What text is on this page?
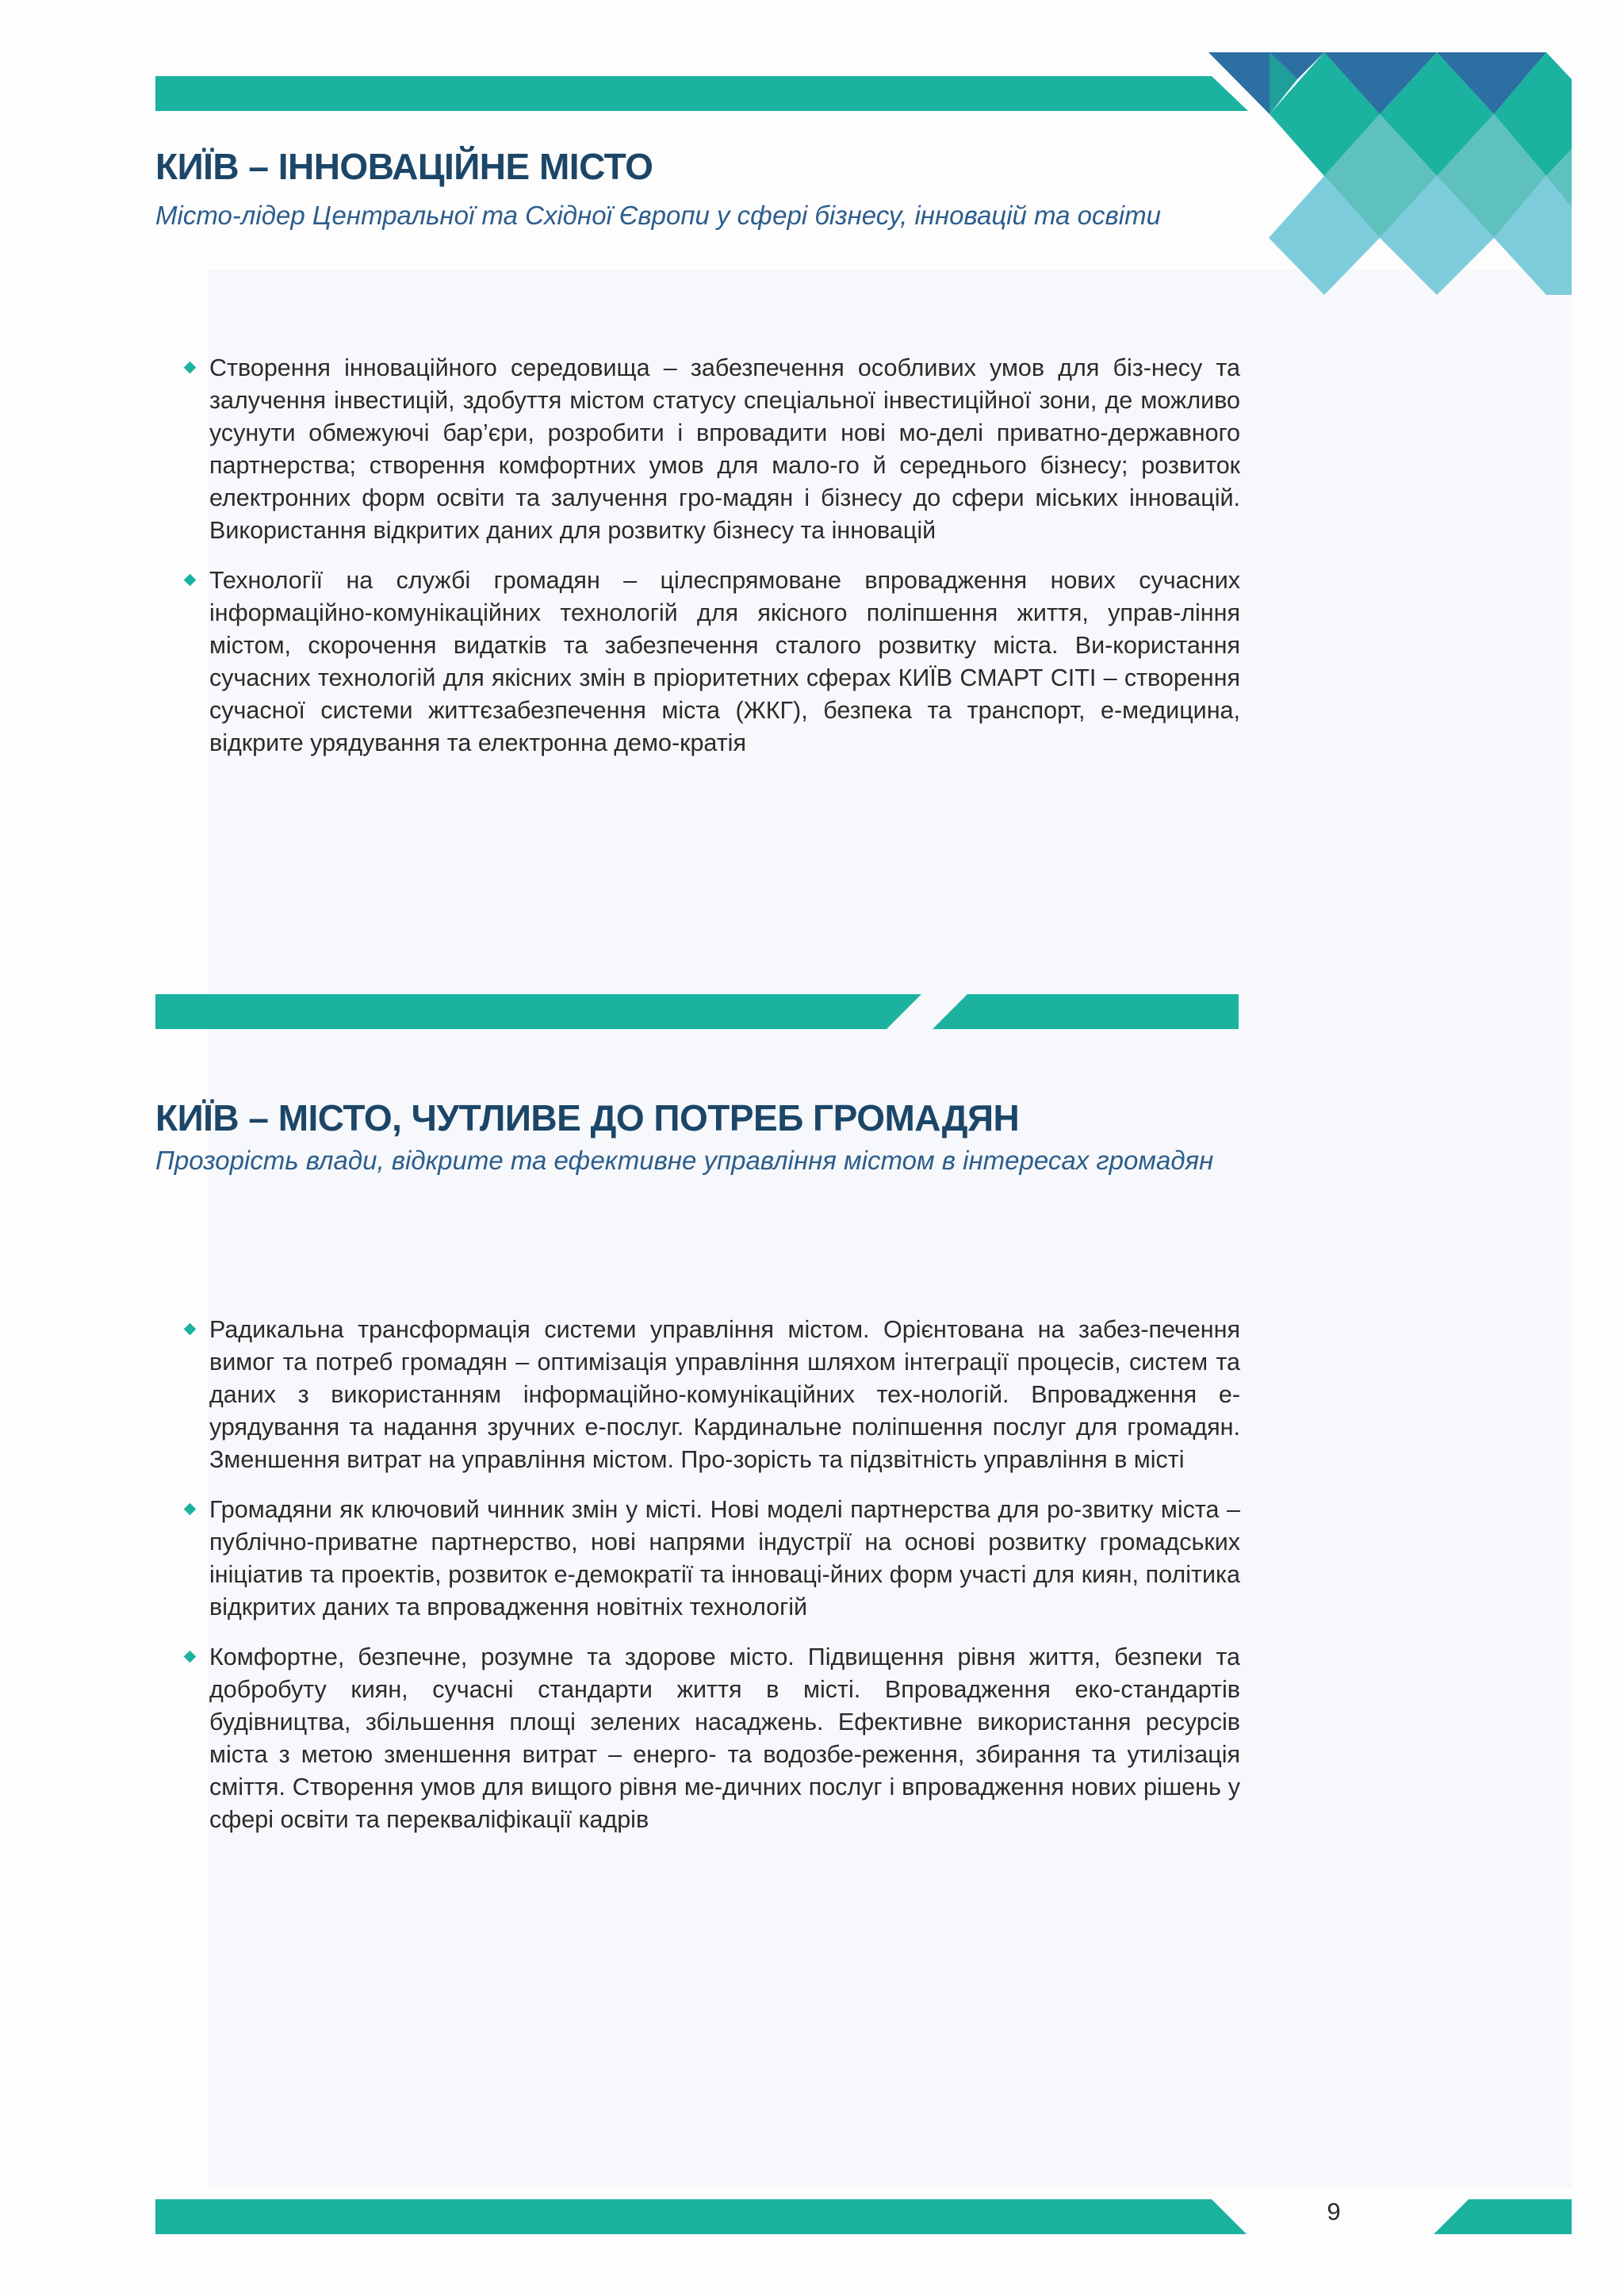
КИЇВ – ІННОВАЦІЙНЕ МІСТО

Місто-лідер Центральної та Східної Європи у сфері бізнесу, інновацій та освіти

Створення інноваційного середовища – забезпечення особливих умов для біз-несу та залучення інвестицій, здобуття містом статусу спеціальної інвестиційної зони, де можливо усунути обмежуючі бар’єри, розробити і впровадити нові мо-делі приватно-державного партнерства; створення комфортних умов для мало-го й середнього бізнесу; розвиток електронних форм освіти та залучення гро-мадян і бізнесу до сфери міських інновацій. Використання відкритих даних для розвитку бізнесу та інновацій
Технології на службі громадян – цілеспрямоване впровадження нових сучасних інформаційно-комунікаційних технологій для якісного поліпшення життя, управ-ління містом, скорочення видатків та забезпечення сталого розвитку міста. Ви-користання сучасних технологій для якісних змін в пріоритетних сферах КИЇВ СМАРТ СІТІ – створення сучасної системи життєзабезпечення міста (ЖКГ), безпека та транспорт, е-медицина, відкрите урядування та електронна демо-кратія
КИЇВ – МІСТО, ЧУТЛИВЕ ДО ПОТРЕБ ГРОМАДЯН

Прозорість влади, відкрите та ефективне управління містом в інтересах громадян

Радикальна трансформація системи управління містом. Орієнтована на забез-печення вимог та потреб громадян – оптимізація управління шляхом інтеграції процесів, систем та даних з використанням інформаційно-комунікаційних тех-нологій. Впровадження е-урядування та надання зручних е-послуг. Кардинальне поліпшення послуг для громадян. Зменшення витрат на управління містом. Про-зорість та підзвітність управління в місті
Громадяни як ключовий чинник змін у місті. Нові моделі партнерства для ро-звитку міста – публічно-приватне партнерство, нові напрями індустрії на основі розвитку громадських ініціатив та проектів, розвиток е-демократії та інноваці-йних форм участі для киян, політика відкритих даних та впровадження новітніх технологій
Комфортне, безпечне, розумне та здорове місто. Підвищення рівня життя, безпеки та добробуту киян, сучасні стандарти життя в місті. Впровадження еко-стандартів будівництва, збільшення площі зелених насаджень. Ефективне використання ресурсів міста з метою зменшення витрат – енерго- та водозбе-реження, збирання та утилізація сміття. Створення умов для вищого рівня ме-дичних послуг і впровадження нових рішень у сфері освіти та перекваліфікації кадрів
9
